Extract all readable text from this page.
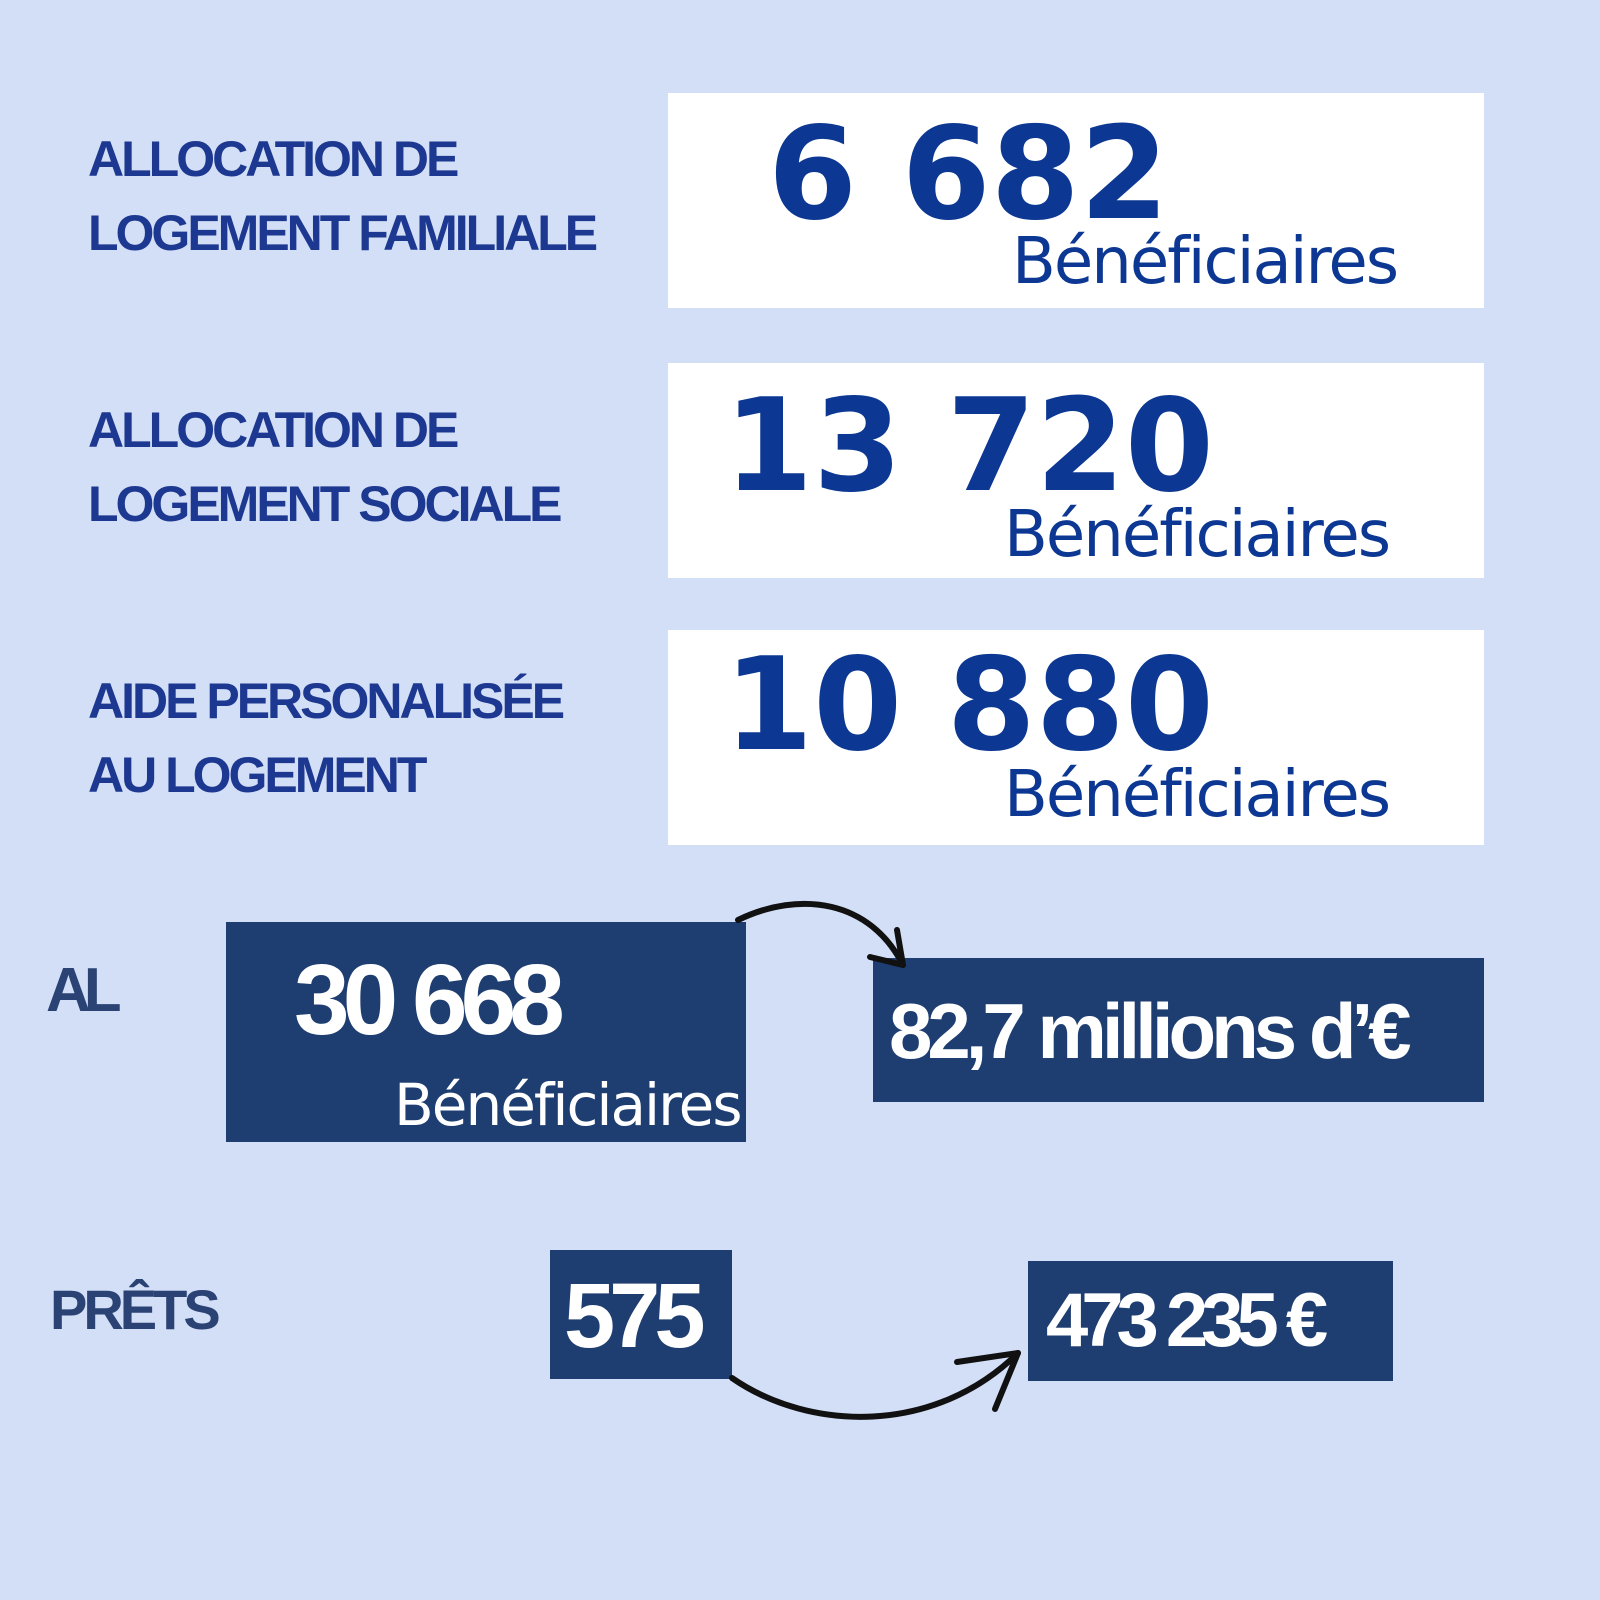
ALLOCATION DE
LOGEMENT FAMILIALE 6 682
Bénéficiaires
ALLOCATION DE
LOGEMENT SOCIALE 13 720
Bénéficiaires
AIDE PERSONALISÉE
AU LOGEMENT	10 880
Bénéficiaires
AL 30 668
Bénéficiaires
82,7 millions d’€
PRÊTS	575	473 235 €
